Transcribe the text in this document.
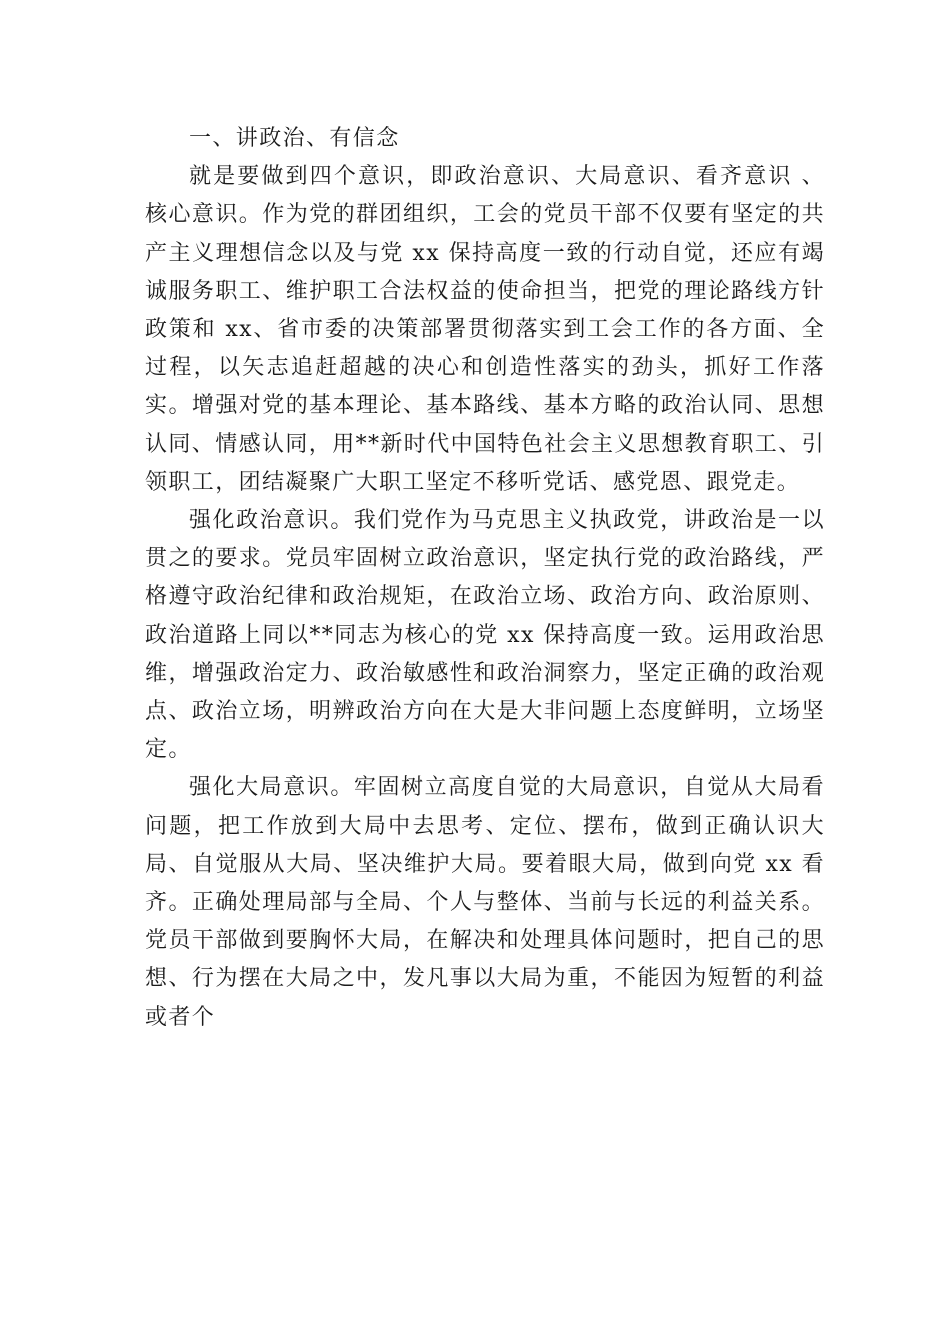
一、讲政治、有信念

就是要做到四个意识，即政治意识、大局意识、看齐意识 、核心意识。作为党的群团组织，工会的党员干部不仅要有坚定的共产主义理想信念以及与党 xx 保持高度一致的行动自觉，还应有竭诚服务职工、维护职工合法权益的使命担当，把党的理论路线方针政策和 xx、省市委的决策部署贯彻落实到工会工作的各方面、全过程，以矢志追赶超越的决心和创造性落实的劲头，抓好工作落实。增强对党的基本理论、基本路线、基本方略的政治认同、思想认同、情感认同，用**新时代中国特色社会主义思想教育职工、引领职工，团结凝聚广大职工坚定不移听党话、感党恩、跟党走。

强化政治意识。我们党作为马克思主义执政党，讲政治是一以贯之的要求。党员牢固树立政治意识，坚定执行党的政治路线，严格遵守政治纪律和政治规矩，在政治立场、政治方向、政治原则、政治道路上同以**同志为核心的党 xx 保持高度一致。运用政治思维，增强政治定力、政治敏感性和政治洞察力，坚定正确的政治观点、政治立场，明辨政治方向在大是大非问题上态度鲜明，立场坚定。

强化大局意识。牢固树立高度自觉的大局意识，自觉从大局看问题，把工作放到大局中去思考、定位、摆布，做到正确认识大局、自觉服从大局、坚决维护大局。要着眼大局，做到向党 xx 看齐。正确处理局部与全局、个人与整体、当前与长远的利益关系。党员干部做到要胸怀大局，在解决和处理具体问题时，把自己的思想、行为摆在大局之中，发凡事以大局为重，不能因为短暂的利益或者个
